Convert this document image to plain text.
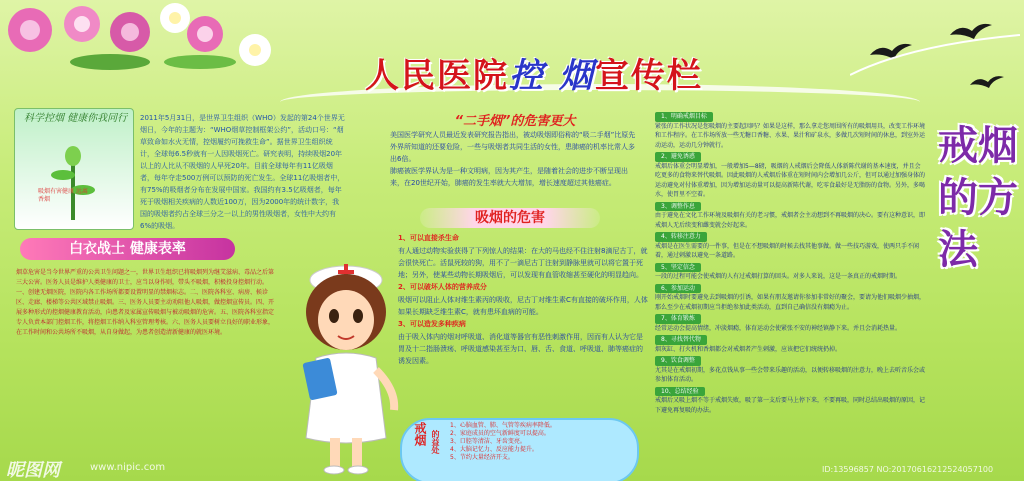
人民医院控 烟宣传栏
科学控烟 健康你我同行
吸烟有害健康 远离香烟
2011年5月31日，是世界卫生组织（WHO）发起的第24个世界无烟日，今年的主题为：“WHO烟草控制框架公约”，活动口号：“烟草致命如水火无情，控烟履约可挽救生命”。据世界卫生组织统计，全球每6.5秒就有一人因吸烟死亡。研究表明，持续吸烟20年以上的人比从不吸烟的人早死20年。目前全球每年有11亿吸烟者，每年夺走500万例可以预防的死亡发生。全球11亿吸烟者中，有75%的吸烟者分布在发展中国家。我国约有3.5亿吸烟者，每年死于吸烟相关疾病的人数近100万，因为2000年的统计数字，我国的吸烟者约占全球三分之一以上的男性吸烟者，女性中大约有6%的吸烟。
白衣战士 健康表率
烟草危害是当今世界严重的公共卫生问题之一，世界卫生组织已将吸烟列为继艾滋病、毒品之后第三大公害。医务人员是维护人类健康的卫士，应当以身作则，带头不吸烟，积极投身控烟行动。一、创建无烟医院，医院内各工作场所都要设置明显的禁烟标志。二、医院各科室、病房、候诊区、走廊、楼梯等公共区域禁止吸烟。三、医务人员要主动劝阻他人吸烟，做控烟宣传员。四、开展多种形式的控烟健康教育活动，向患者及家属宣传吸烟与被动吸烟的危害。五、医院各科室指定专人负责本部门控烟工作，将控烟工作纳入科室管理考核。六、医务人员要树立良好的职业形象，在工作时间和公共场所不吸烟，从自身做起，为患者创造清新健康的就医环境。
“二手烟”的危害更大
美国医学研究人员最近发表研究报告指出，被动吸烟即俗称的“吸二手烟”比原先外界所知道的还要危险，一些与吸烟者共同生活的女性，患肺癌的机率比常人多出6倍。
肺癌被医学界认为是一种文明病，因为其产生，是随着社会的进步不断呈现出来，在20世纪开始，肺癌的发生率就大大增加，增长速度超过其他癌症。
吸烟的危害
1、可以直接杀生命
有人通过动物实验获得了下列惊人的结果：在大的马也经不住注射8滴尼古丁，就会很快死亡。活鼠死较的狗，用不了一滴尼古丁注射到静脉里就可以将它置于死地；另外，使某些动物长期吸烟后，可以发现有血管收缩甚至硬化的明显趋向。
2、可以破坏人体的营养成分
吸烟可以阻止人体对维生素丙的吸收，尼古丁对维生素C有直接的破坏作用，人体如果长期缺乏维生素C，就有患坏血病的可能。
3、可以造发多种疾病
由于吸入体内的烟对呼吸道、消化道等器官有恶性刺激作用，因而有人认为它是胃及十二指肠溃疡、呼吸道感染甚至为口、唇、舌、食道、呼吸道、肺等癌症的诱发因素。
戒烟 的益处
1、心脑血管、肺、气管等疾病率降低。
2、家庭成员的空气新鲜度可以提高。
3、口腔等清洁、牙齿变亮。
4、大脑记忆力、反应能力提升。
5、节约大量经济开支。
1、明确戒烟目标
紧张的工作状况是您吸烟的主要起因吗？如果是这样，那么拿走您周围所有的吸烟用具，改变工作环境和工作程序。在工作场所放一些无糖口香糖、水果、果汁和矿泉水，多做几次短时间的休息，到室外运动运动，运动几分钟就行。
2、避免诱惑
戒烟后体重会明显增加，一般增加5—8磅，吸烟的人戒烟后会降低人体新陈代谢的基本速度，并且会吃更多的食物来替代吸烟。因此吸烟的人戒烟后体重在短时间内会增加几公斤，但可以通过加强身体的运动避免对付体重增加，因为增加运动量可以提高新陈代谢，吃零食最好是无脂肪的食物。另外，多喝水，使胃里不空着。
3、调整作息
由于避免在文化工作环境及吸烟有关的老习惯，戒烟者会主动想到不再吸烟的决心。要有这种意识，即戒烟人无后续变和雌变就会好起来。
4、转移注意力
戒烟是在医生需要的一件事，但是在不想吸烟的时候去找其他事做。做一些技巧游戏，使两只手不闲着，通过刺激以避免一条道路。
5、坚定信念
一段的过程可能会使戒烟的人有过戒烟打算的回头。对多人来说，这是一条真正的戒烟时期。
6、参加运动
刚开始戒烟时要避免去到吸烟的引诱，如果有朋友邀请你参加非常好的聚会，要请为他们吸烟少抽烟，那么至少在戒烟初期应当拒绝参加此类活动，直到自己确信没有烟瘾为止。
7、体育锻炼
经常运动会提高情绪，冲淡烟瘾，体育运动会使紧张不安的神经镇静下来。并且会消耗热量。
8、寻找替代物
烟灰缸、打火机和香烟都会对戒烟者产生刺激，应该把它们统统扔掉。
9、饮食调整
尤其是在戒烟初期，多花点钱从事一些会带来乐趣的活动，以便转移吸烟的注意力，晚上去听音乐会或参加体育活动。
10、总结经验
戒烟后又吸上烟不等于戒烟失败，吸了第一支后要马上停下来，不要再吸，同时总结出吸烟的原因，记下避免再复吸的办法。
戒烟的方法
昵图网	www.nipic.com	ID:13596857 NO:20170616212524057100
